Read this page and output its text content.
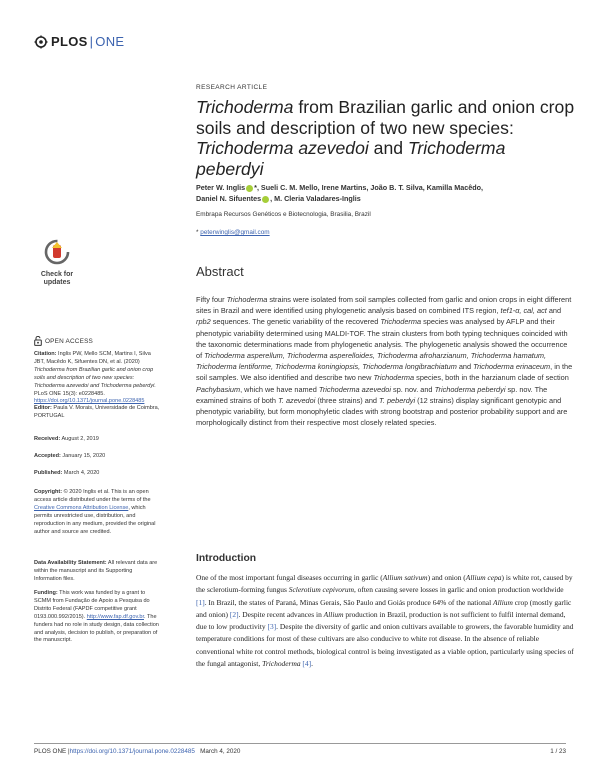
PLOS | ONE
RESEARCH ARTICLE
Trichoderma from Brazilian garlic and onion crop soils and description of two new species: Trichoderma azevedoi and Trichoderma peberdyi
Peter W. Inglis *, Sueli C. M. Mello, Irene Martins, João B. T. Silva, Kamilla Macêdo,
Daniel N. Sifuentes , M. Cleria Valadares-Inglis
Embrapa Recursos Genéticos e Biotecnologia, Brasilia, Brazil
* peterwinglis@gmail.com
Check for
updates
OPEN ACCESS
Citation: Inglis PW, Mello SCM, Martins I, Silva JBT, Macêdo K, Sifuentes DN, et al. (2020) Trichoderma from Brazilian garlic and onion crop soils and description of two new species: Trichoderma azevedoi and Trichoderma peberdyi. PLoS ONE 15(3): e0228485. https://doi.org/10.1371/journal.pone.0228485
Editor: Paula V. Morais, Universidade de Coimbra, PORTUGAL
Received: August 2, 2019
Accepted: January 15, 2020
Published: March 4, 2020
Copyright: © 2020 Inglis et al. This is an open access article distributed under the terms of the Creative Commons Attribution License, which permits unrestricted use, distribution, and reproduction in any medium, provided the original author and source are credited.
Data Availability Statement: All relevant data are within the manuscript and its Supporting Information files.
Funding: This work was funded by a grant to SCMM from Fundação de Apoio a Pesquisa do Distrito Federal (FAPDF competitive grant 0193.000.992/2015). http://www.fap.df.gov.br. The funders had no role in study design, data collection and analysis, decision to publish, or preparation of the manuscript.
Abstract
Fifty four Trichoderma strains were isolated from soil samples collected from garlic and onion crops in eight different sites in Brazil and were identified using phylogenetic analysis based on combined ITS region, tef1-α, cal, act and rpb2 sequences. The genetic variability of the recovered Trichoderma species was analysed by AFLP and their phenotypic variability determined using MALDI-TOF. The strain clusters from both typing techniques coincided with the taxonomic determinations made from phylogenetic analysis. The phylogenetic analysis showed the occurrence of Trichoderma asperellum, Trichoderma asperelloides, Trichoderma afroharzianum, Trichoderma hamatum, Trichoderma lentiforme, Trichoderma koningiopsis, Trichoderma longibrachiatum and Trichoderma erinaceum, in the soil samples. We also identified and describe two new Trichoderma species, both in the harzianum clade of section Pachybasium, which we have named Trichoderma azevedoi sp. nov. and Trichoderma peberdyi sp. nov. The examined strains of both T. azevedoi (three strains) and T. peberdyi (12 strains) display significant genotypic and phenotypic variability, but form monophyletic clades with strong bootstrap and posterior probability support and are morphologically distinct from their respective most closely related species.
Introduction
One of the most important fungal diseases occurring in garlic (Allium sativum) and onion (Allium cepa) is white rot, caused by the sclerotium-forming fungus Sclerotium cepivorum, often causing severe losses in garlic and onion production worldwide [1]. In Brazil, the states of Paraná, Minas Gerais, São Paulo and Goiás produce 64% of the national Allium crop (mostly garlic and onion) [2]. Despite recent advances in Allium production in Brazil, production is not sufficient to fulfil internal demand, due to low productivity [3]. Despite the diversity of garlic and onion cultivars available to growers, the favorable humidity and temperature conditions for most of these cultivars are also conducive to white rot disease. In the absence of reliable conventional white rot control methods, biological control is being investigated as a viable option, particularly using species of the fungal antagonist, Trichoderma [4].
PLOS ONE | https://doi.org/10.1371/journal.pone.0228485 March 4, 2020	1 / 23
